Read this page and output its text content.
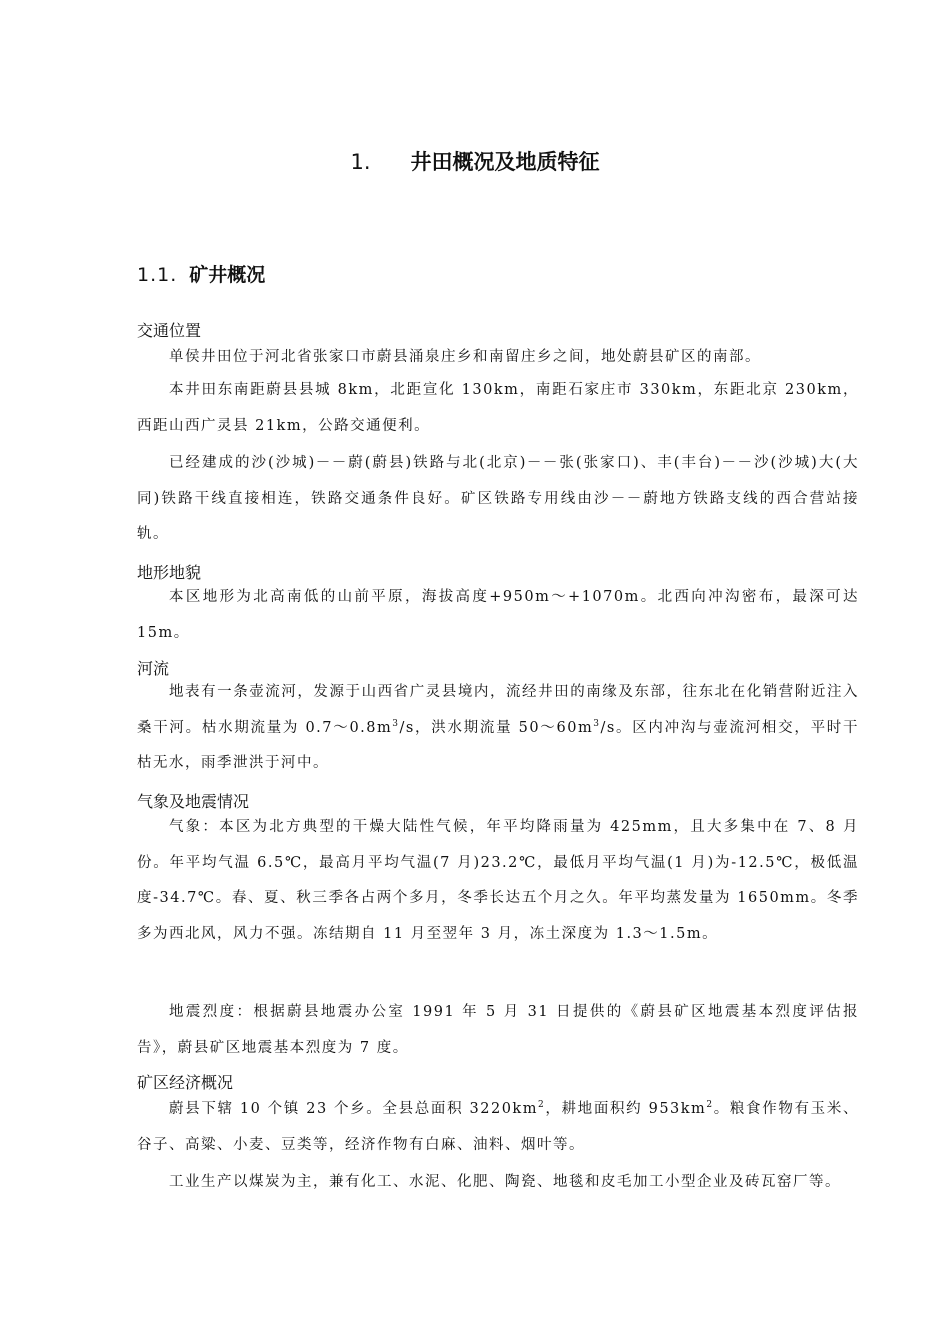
1. 井田概况及地质特征
1.1. 矿井概况
交通位置
单侯井田位于河北省张家口市蔚县涌泉庄乡和南留庄乡之间，地处蔚县矿区的南部。
本井田东南距蔚县县城 8km，北距宣化 130km，南距石家庄市 330km，东距北京 230km，西距山西广灵县 21km，公路交通便利。
已经建成的沙(沙城)－－蔚(蔚县)铁路与北(北京)－－张(张家口)、丰(丰台)－－沙(沙城)大(大同)铁路干线直接相连，铁路交通条件良好。矿区铁路专用线由沙－－蔚地方铁路支线的西合营站接轨。
地形地貌
本区地形为北高南低的山前平原，海拔高度+950m～+1070m。北西向冲沟密布，最深可达 15m。
河流
地表有一条壶流河，发源于山西省广灵县境内，流经井田的南缘及东部，往东北在化销营附近注入桑干河。枯水期流量为 $0.7\sim 0.8m^3/s$，洪水期流量 $50\sim 60m^3/s$。区内冲沟与壶流河相交，平时干枯无水，雨季泄洪于河中。
气象及地震情况
气象：本区为北方典型的干燥大陆性气候，年平均降雨量为 425mm，且大多集中在 7、8 月份。年平均气温 6.5℃，最高月平均气温(7 月)23.2℃，最低月平均气温(1 月)为-12.5℃，极低温度-34.7℃。春、夏、秋三季各占两个多月，冬季长达五个月之久。年平均蒸发量为 1650mm。冬季多为西北风，风力不强。冻结期自 11 月至翌年 3 月，冻土深度为 1.3～1.5m。
地震烈度：根据蔚县地震办公室 1991 年 5 月 31 日提供的《蔚县矿区地震基本烈度评估报告》，蔚县矿区地震基本烈度为 7 度。
矿区经济概况
蔚县下辖 10 个镇 23 个乡。全县总面积 $3220km^2$，耕地面积约 $953km^2$。粮食作物有玉米、谷子、高粱、小麦、豆类等，经济作物有白麻、油料、烟叶等。
工业生产以煤炭为主，兼有化工、水泥、化肥、陶瓷、地毯和皮毛加工小型企业及砖瓦窑厂等。
